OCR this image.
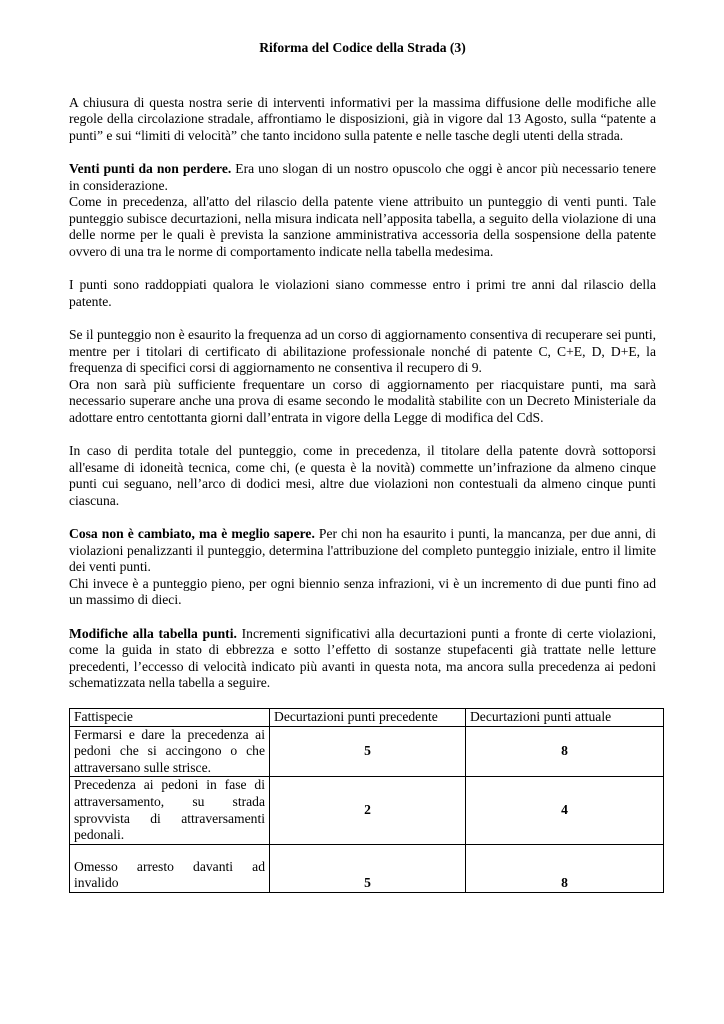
Riforma del Codice della Strada (3)

A chiusura di questa nostra serie di interventi informativi per la massima diffusione delle modifiche alle regole della circolazione stradale, affrontiamo le disposizioni, già in vigore dal 13 Agosto, sulla “patente a punti” e sui “limiti di velocità” che tanto incidono sulla patente e nelle tasche degli utenti della strada.

Venti punti da non perdere. Era uno slogan di un nostro opuscolo che oggi è ancor più necessario tenere in considerazione.

Come in precedenza, all'atto del rilascio della patente viene attribuito un punteggio di venti punti. Tale punteggio subisce decurtazioni, nella misura indicata nell’apposita tabella, a seguito della violazione di una delle norme per le quali è prevista la sanzione amministrativa accessoria della sospensione della patente ovvero di una tra le norme di comportamento indicate nella tabella medesima.

I punti sono raddoppiati qualora le violazioni siano commesse entro i primi tre anni dal rilascio della patente.

Se il punteggio non è esaurito la frequenza ad un corso di aggiornamento consentiva di recuperare sei punti, mentre per i titolari di certificato di abilitazione professionale nonché di patente C, C+E, D, D+E, la frequenza di specifici corsi di aggiornamento ne consentiva il recupero di 9.

Ora non sarà più sufficiente frequentare un corso di aggiornamento per riacquistare punti, ma sarà necessario superare anche una prova di esame secondo le modalità stabilite con un Decreto Ministeriale da adottare entro centottanta giorni dall’entrata in vigore della Legge di modifica del CdS.

In caso di perdita totale del punteggio, come in precedenza, il titolare della patente dovrà sottoporsi all'esame di idoneità tecnica, come chi, (e questa è la novità) commette un’infrazione da almeno cinque punti cui seguano, nell’arco di dodici mesi, altre due violazioni non contestuali da almeno cinque punti ciascuna.

Cosa non è cambiato, ma è meglio sapere. Per chi non ha esaurito i punti, la mancanza, per due anni, di violazioni penalizzanti il punteggio, determina l'attribuzione del completo punteggio iniziale, entro il limite dei venti punti.

Chi invece è a punteggio pieno, per ogni biennio senza infrazioni, vi è un incremento di due punti fino ad un massimo di dieci.

Modifiche alla tabella punti. Incrementi significativi alla decurtazioni punti a fronte di certe violazioni, come la guida in stato di ebbrezza e sotto l’effetto di sostanze stupefacenti già trattate nelle letture precedenti, l’eccesso di velocità indicato più avanti in questa nota, ma ancora sulla precedenza ai pedoni schematizzata nella tabella a seguire.

Fattispecie	Decurtazioni punti precedente	Decurtazioni punti attuale
Fermarsi e dare la precedenza ai pedoni che si accingono o che attraversano sulle strisce.	5	8
Precedenza ai pedoni in fase di attraversamento, su strada sprovvista di attraversamenti pedonali.	2	4
Omesso arresto davanti ad invalido	5	8
